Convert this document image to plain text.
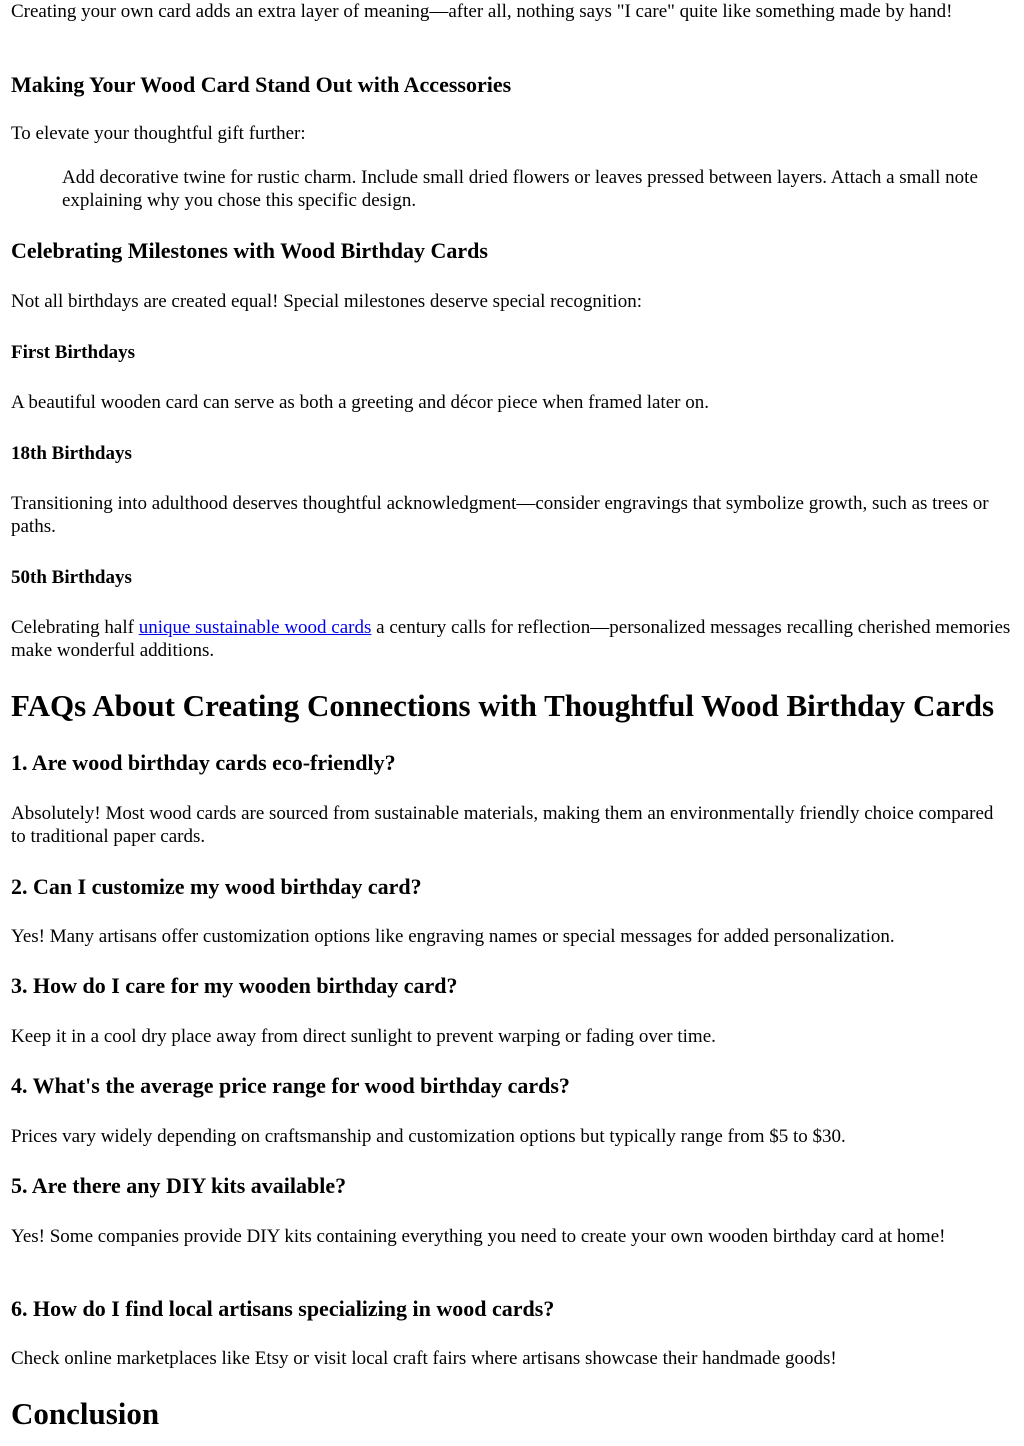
Creating your own card adds an extra layer of meaning—after all, nothing says "I care" quite like something made by hand!

Making Your Wood Card Stand Out with Accessories

To elevate your thoughtful gift further:

Add decorative twine for rustic charm. Include small dried flowers or leaves pressed between layers. Attach a small note explaining why you chose this specific design.
Celebrating Milestones with Wood Birthday Cards

Not all birthdays are created equal! Special milestones deserve special recognition:

First Birthdays

A beautiful wooden card can serve as both a greeting and décor piece when framed later on.

18th Birthdays

Transitioning into adulthood deserves thoughtful acknowledgment—consider engravings that symbolize growth, such as trees or paths.

50th Birthdays

Celebrating half unique sustainable wood cards a century calls for reflection—personalized messages recalling cherished memories make wonderful additions.

FAQs About Creating Connections with Thoughtful Wood Birthday Cards
1. Are wood birthday cards eco-friendly?

Absolutely! Most wood cards are sourced from sustainable materials, making them an environmentally friendly choice compared to traditional paper cards.

2. Can I customize my wood birthday card?

Yes! Many artisans offer customization options like engraving names or special messages for added personalization.

3. How do I care for my wooden birthday card?

Keep it in a cool dry place away from direct sunlight to prevent warping or fading over time.

4. What's the average price range for wood birthday cards?

Prices vary widely depending on craftsmanship and customization options but typically range from $5 to $30.

5. Are there any DIY kits available?

Yes! Some companies provide DIY kits containing everything you need to create your own wooden birthday card at home!

6. How do I find local artisans specializing in wood cards?

Check online marketplaces like Etsy or visit local craft fairs where artisans showcase their handmade goods!

Conclusion
